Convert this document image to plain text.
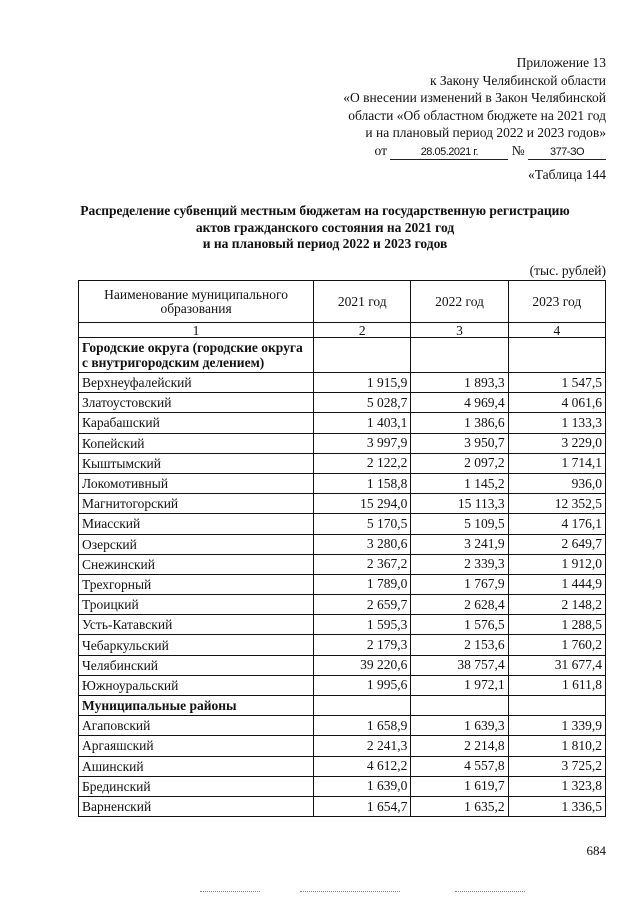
Приложение 13
к Закону Челябинской области
«О внесении изменений в Закон Челябинской
области «Об областном бюджете на 2021 год
и на плановый период 2022 и 2023 годов»
от	28.05.2021 г. № 377-ЗО
«Таблица 144
Распределение субвенций местным бюджетам на государственную регистрацию
актов гражданского состояния на 2021 год
и на плановый период 2022 и 2023 годов
(тыс. рублей)
Наименование муниципального образования	2021 год	2022 год	2023 год
1	2	3	4
Городские округа (городские округа с внутригородским делением)			
Верхнеуфалейский	1 915,9	1 893,3	1 547,5
Златоустовский	5 028,7	4 969,4	4 061,6
Карабашский	1 403,1	1 386,6	1 133,3
Копейский	3 997,9	3 950,7	3 229,0
Кыштымский	2 122,2	2 097,2	1 714,1
Локомотивный	1 158,8	1 145,2	936,0
Магнитогорский	15 294,0	15 113,3	12 352,5
Миасский	5 170,5	5 109,5	4 176,1
Озерский	3 280,6	3 241,9	2 649,7
Снежинский	2 367,2	2 339,3	1 912,0
Трехгорный	1 789,0	1 767,9	1 444,9
Троицкий	2 659,7	2 628,4	2 148,2
Усть-Катавский	1 595,3	1 576,5	1 288,5
Чебаркульский	2 179,3	2 153,6	1 760,2
Челябинский	39 220,6	38 757,4	31 677,4
Южноуральский	1 995,6	1 972,1	1 611,8
Муниципальные районы			
Агаповский	1 658,9	1 639,3	1 339,9
Аргаяшский	2 241,3	2 214,8	1 810,2
Ашинский	4 612,2	4 557,8	3 725,2
Брединский	1 639,0	1 619,7	1 323,8
Варненский	1 654,7	1 635,2	1 336,5
684
